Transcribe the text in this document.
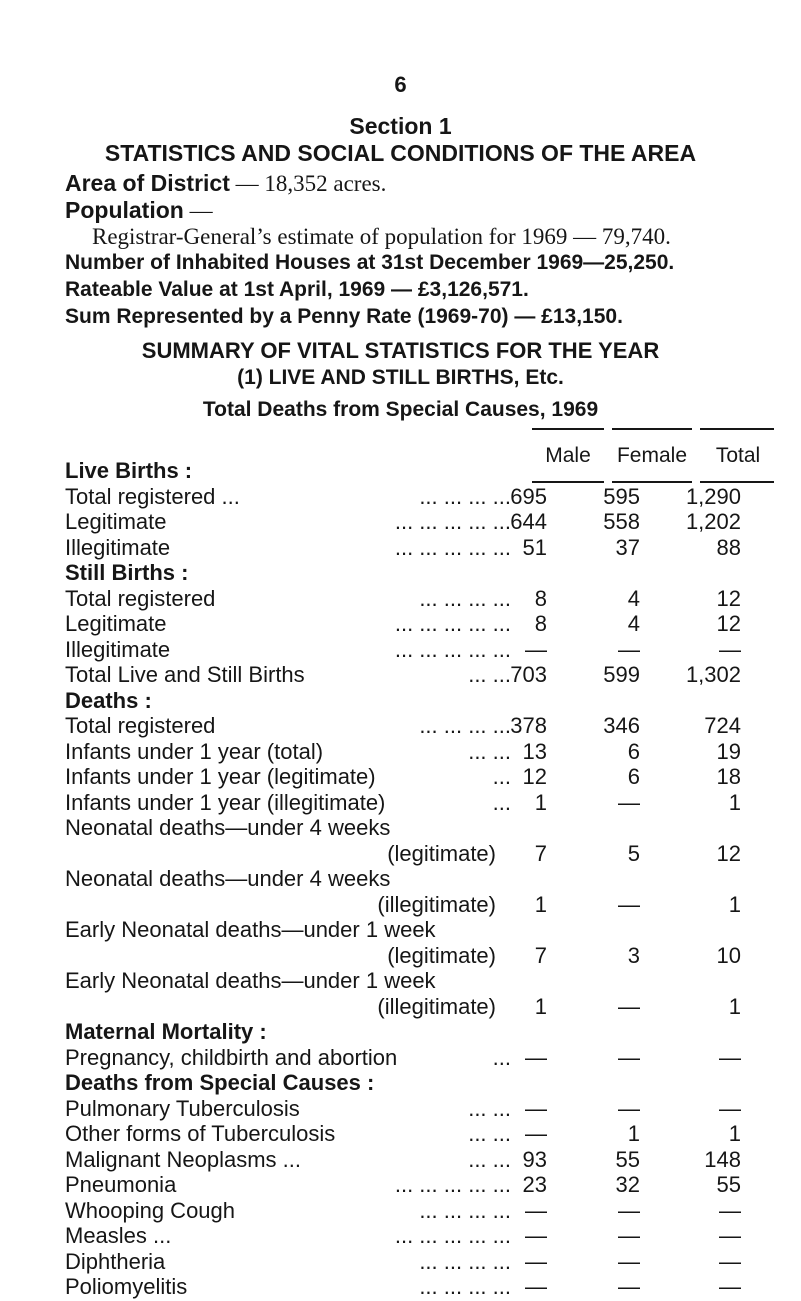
6
Section 1
STATISTICS AND SOCIAL CONDITIONS OF THE AREA
Area of District — 18,352 acres.
Population —
Registrar-General’s estimate of population for 1969 — 79,740.
Number of Inhabited Houses at 31st December 1969—25,250.
Rateable Value at 1st April, 1969 — £3,126,571.
Sum Represented by a Penny Rate (1969-70) — £13,150.
SUMMARY OF VITAL STATISTICS FOR THE YEAR
(1) LIVE AND STILL BIRTHS, Etc.
Total Deaths from Special Causes, 1969
Male	Female	Total
Live Births :
Total registered ...	... ... ... ... 695	595 1,290
Legitimate	... ... ... ... ... 644	558 1,202
Illegitimate	... ... ... ... ... 51	37	88
Still Births :
Total registered	... ... ... ... 8	4	12
Legitimate	... ... ... ... ... 8	4	12
Illegitimate	... ... ... ... ... —	—	—
Total Live and Still Births	... ... 703	599 1,302
Deaths :
Total registered	... ... ... ... 378	346	724
Infants under 1 year (total)	... ... 13	6	19
Infants under 1 year (legitimate)	... 12	6	18
Infants under 1 year (illegitimate)	... 1	—	1
Neonatal deaths—under 4 weeks
(legitimate) 7	5	12
Neonatal deaths—under 4 weeks
(illegitimate) 1	—	1
Early Neonatal deaths—under 1 week
(legitimate) 7	3	10
Early Neonatal deaths—under 1 week
(illegitimate) 1	—	1
Maternal Mortality :
Pregnancy, childbirth and abortion	... —	—	—
Deaths from Special Causes :
Pulmonary Tuberculosis	... ... —	—	—
Other forms of Tuberculosis	... ... —	1	1
Malignant Neoplasms ...	... ... 93	55	148
Pneumonia	... ... ... ... ... 23	32	55
Whooping Cough	... ... ... ... —	—	—
Measles ...	... ... ... ... ... —	—	—
Diphtheria	... ... ... ... —	—	—
Poliomyelitis	... ... ... ... —	—	—
